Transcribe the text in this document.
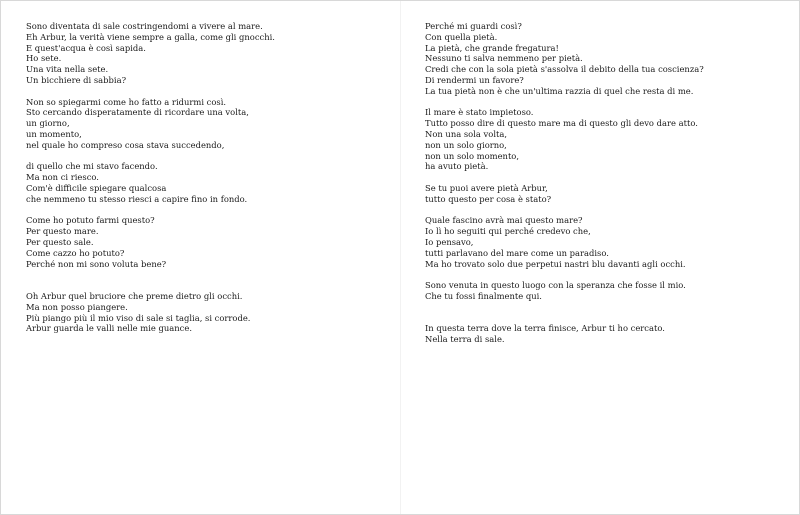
Sono diventata di sale costringendomi a vivere al mare.
Eh Arbur, la verità viene sempre a galla, come gli gnocchi.
E quest'acqua è così sapida.
Ho sete.
Una vita nella sete.
Un bicchiere di sabbia?
Non so spiegarmi come ho fatto a ridurmi così.
Sto cercando disperatamente di ricordare una volta,
un giorno,
un momento,
nel quale ho compreso cosa stava succedendo,
di quello che mi stavo facendo.
Ma non ci riesco.
Com'è difficile spiegare qualcosa
che nemmeno tu stesso riesci a capire fino in fondo.
Come ho potuto farmi questo?
Per questo mare.
Per questo sale.
Come cazzo ho potuto?
Perché non mi sono voluta bene?
Oh Arbur quel bruciore che preme dietro gli occhi.
Ma non posso piangere.
Più piango più il mio viso di sale si taglia, si corrode.
Arbur guarda le valli nelle mie guance.
Perché mi guardi così?
Con quella pietà.
La pietà, che grande fregatura!
Nessuno ti salva nemmeno per pietà.
Credi che con la sola pietà s'assolva il debito della tua coscienza?
Di rendermi un favore?
La tua pietà non è che un'ultima razzia di quel che resta di me.
Il mare è stato impietoso.
Tutto posso dire di questo mare ma di questo gli devo dare atto.
Non una sola volta,
non un solo giorno,
non un solo momento,
ha avuto pietà.
Se tu puoi avere pietà Arbur,
tutto questo per cosa è stato?
Quale fascino avrà mai questo mare?
Io lì ho seguiti qui perché credevo che,
Io pensavo,
tutti parlavano del mare come un paradiso.
Ma ho trovato solo due perpetui nastri blu davanti agli occhi.
Sono venuta in questo luogo con la speranza che fosse il mio.
Che tu fossi finalmente qui.
In questa terra dove la terra finisce, Arbur ti ho cercato.
Nella terra di sale.
